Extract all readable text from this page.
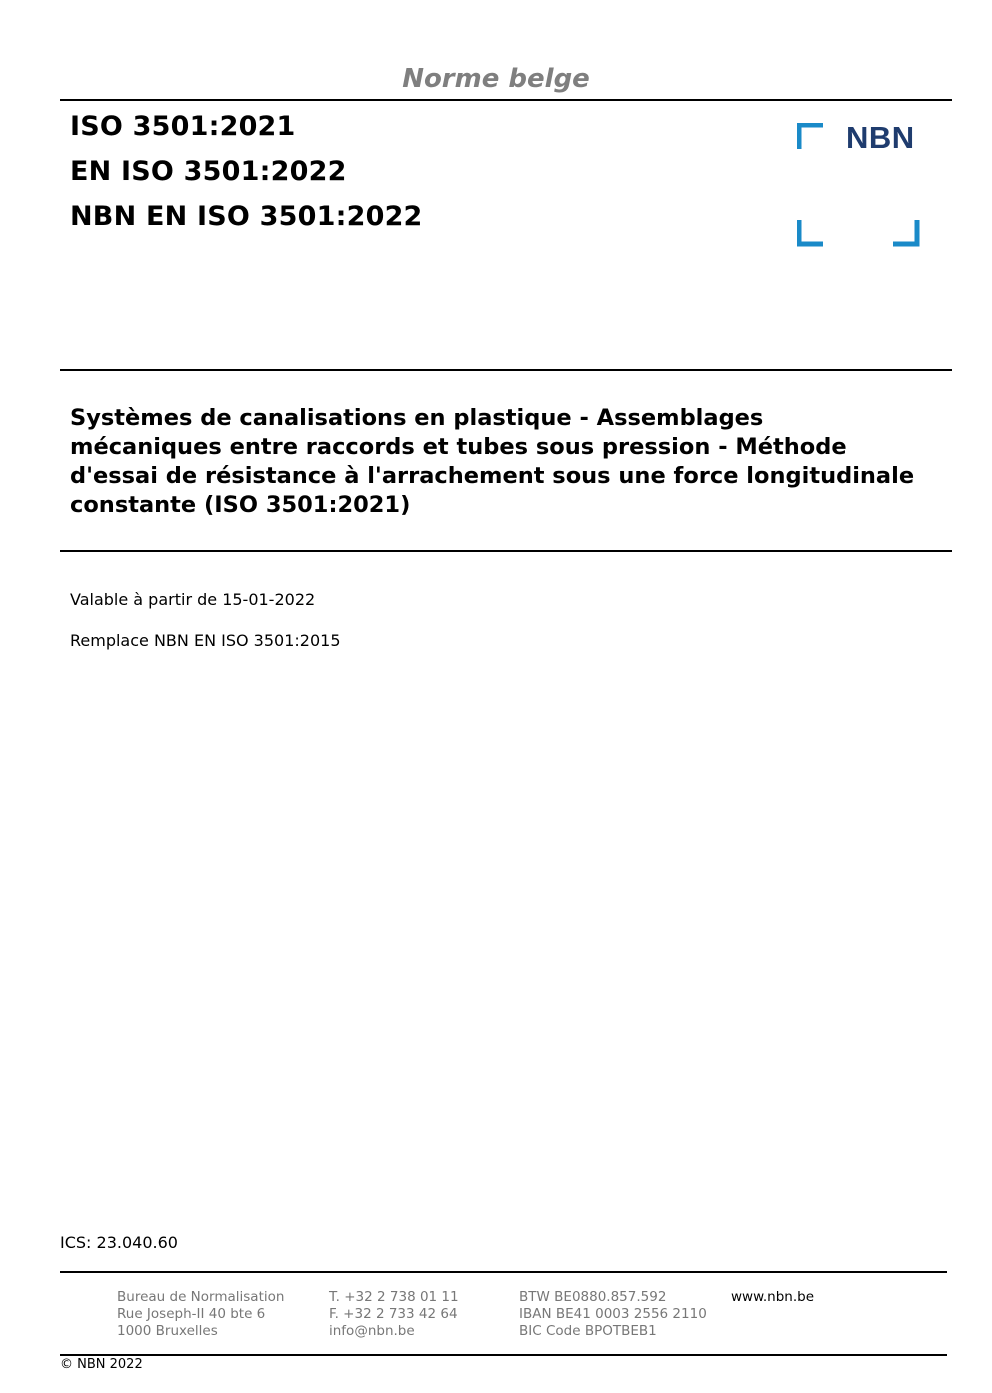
Norme belge
ISO 3501:2021
EN ISO 3501:2022
NBN EN ISO 3501:2022
NBN
Systèmes de canalisations en plastique - Assemblages
mécaniques entre raccords et tubes sous pression - Méthode
d'essai de résistance à l'arrachement sous une force longitudinale
constante (ISO 3501:2021)
Valable à partir de 15-01-2022
Remplace NBN EN ISO 3501:2015
ICS: 23.040.60
Bureau de Normalisation
Rue Joseph-II 40 bte 6
1000 Bruxelles
T. +32 2 738 01 11
F. +32 2 733 42 64
info@nbn.be
BTW BE0880.857.592
IBAN BE41 0003 2556 2110
BIC Code BPOTBEB1
www.nbn.be
© NBN 2022
